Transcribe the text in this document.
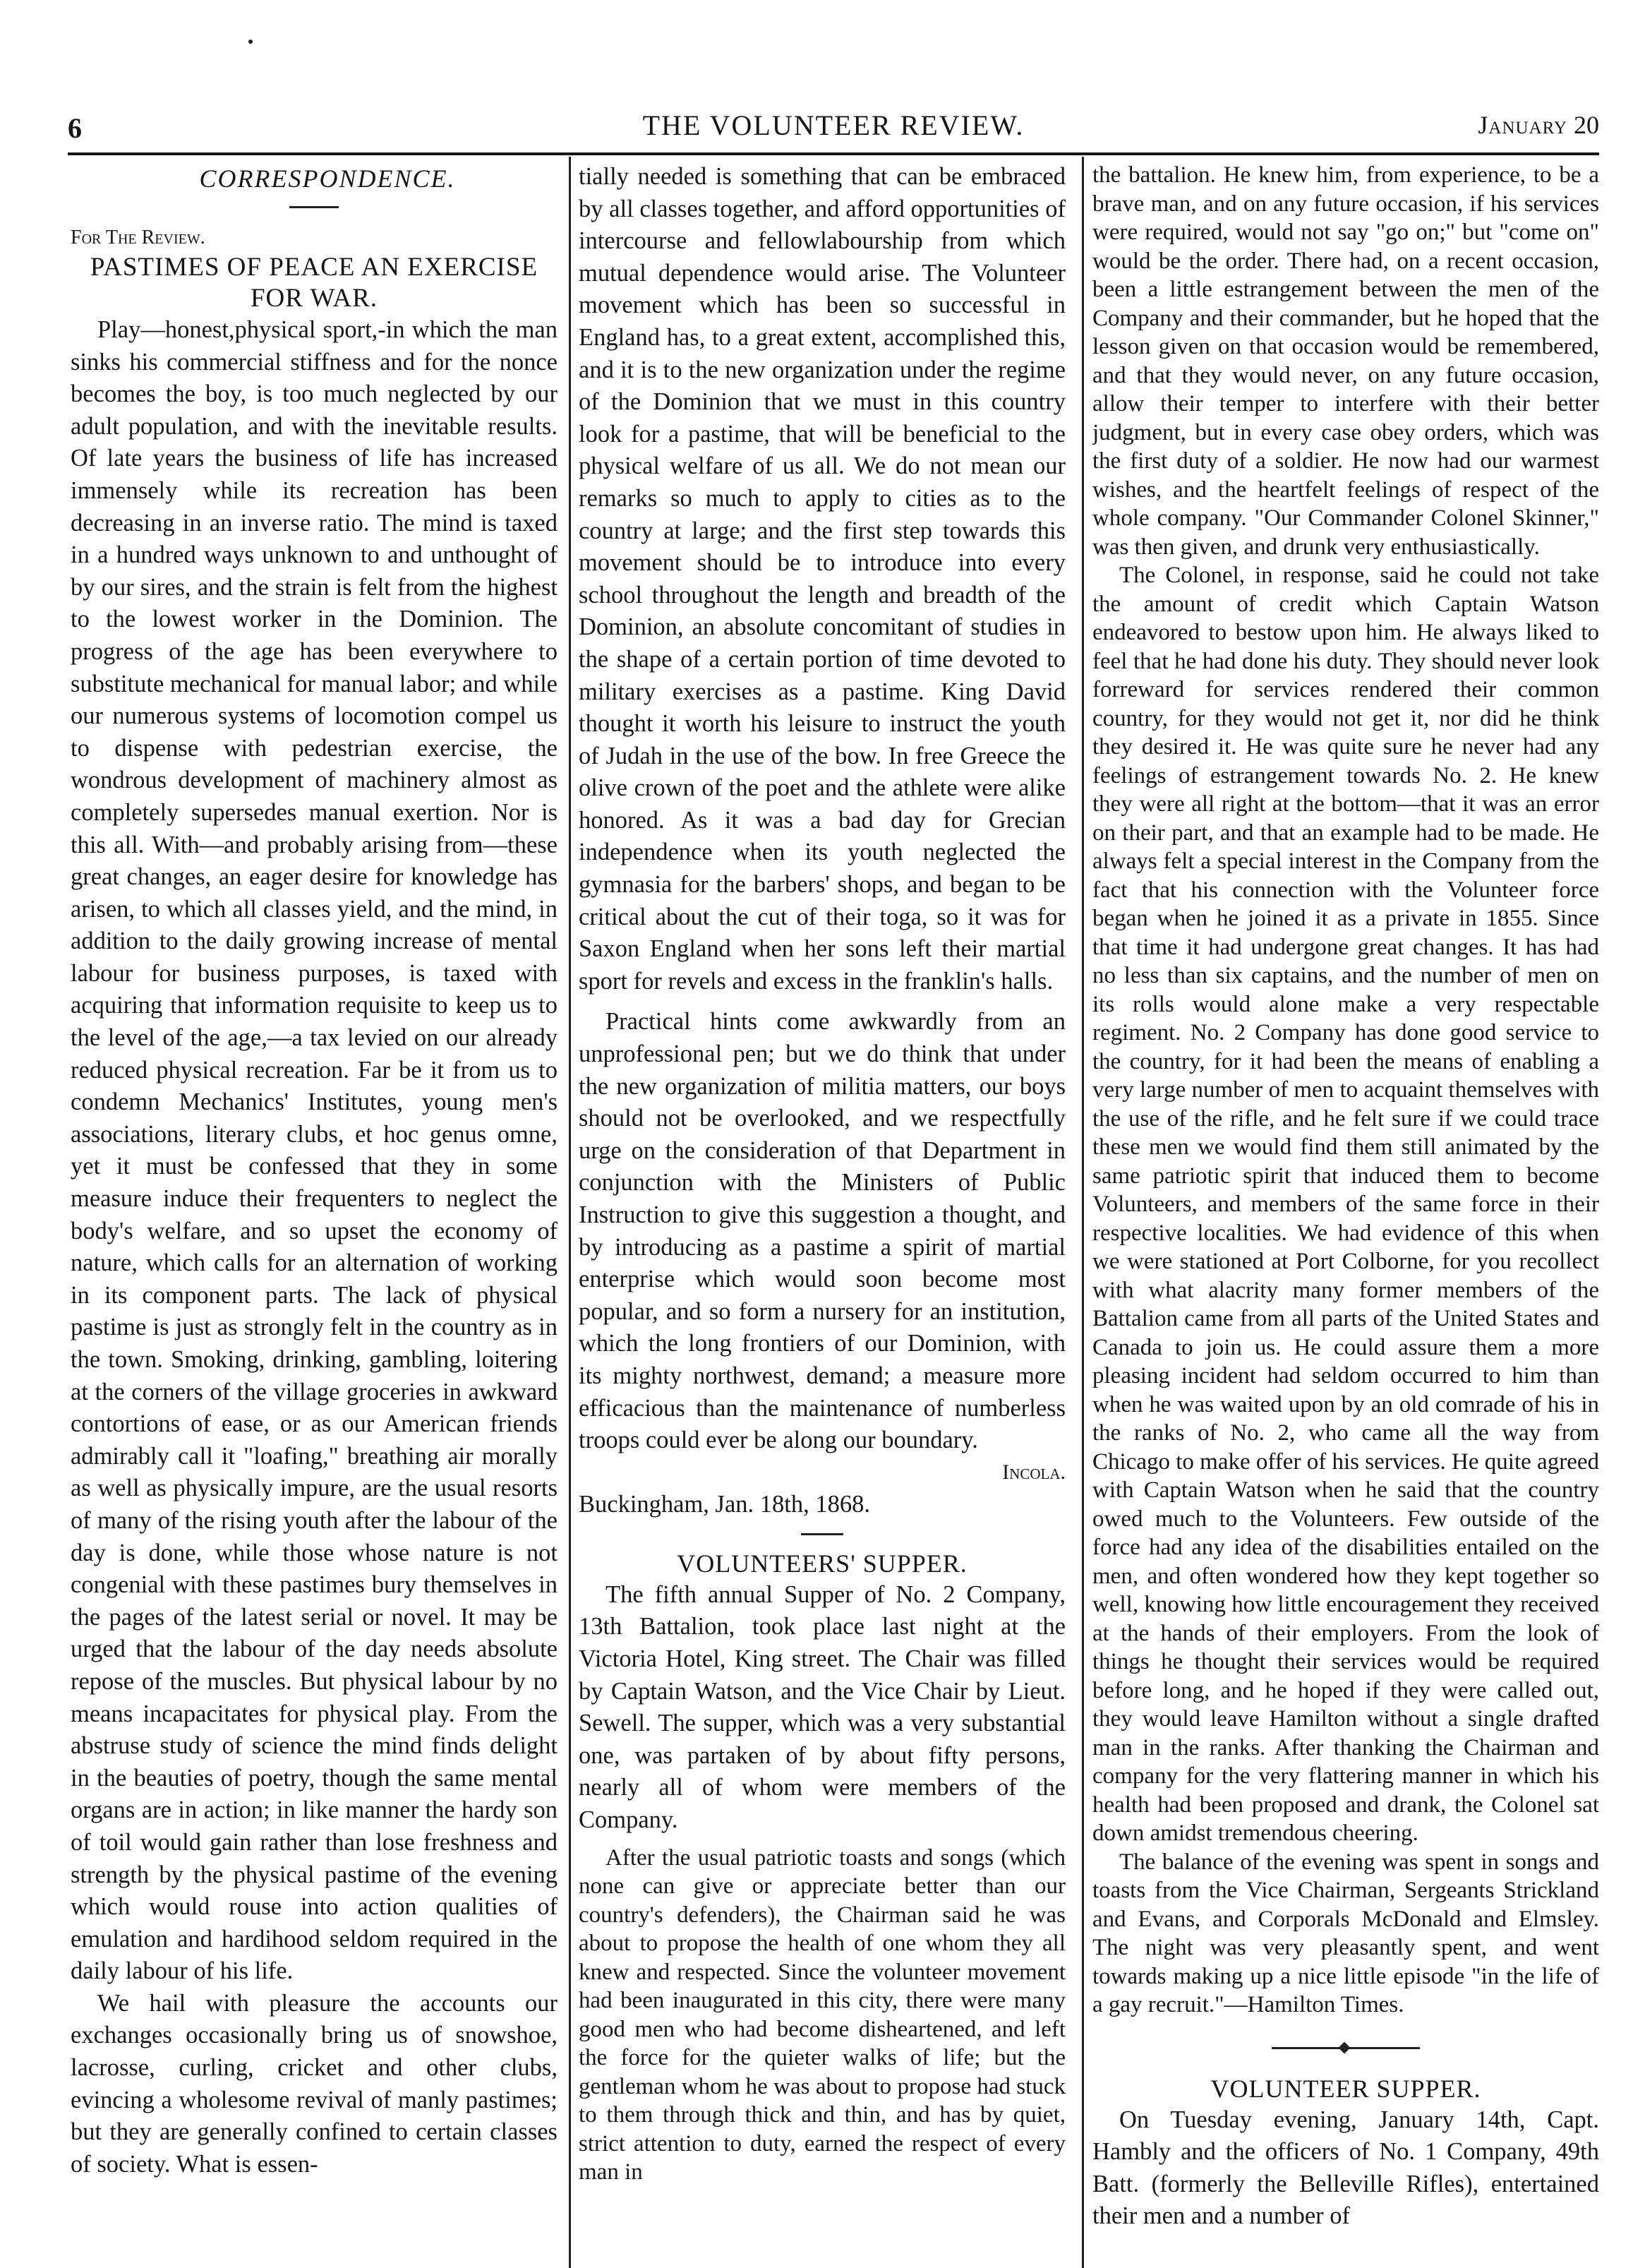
6	THE VOLUNTEER REVIEW.	January 20

CORRESPONDENCE.

For The Review.

PASTIMES OF PEACE AN EXERCISE FOR WAR.

Play—honest,physical sport,-in which the man sinks his commercial stiffness and for the nonce becomes the boy, is too much neglected by our adult population, and with the inevitable results. Of late years the business of life has increased immensely while its recreation has been decreasing in an inverse ratio. The mind is taxed in a hundred ways unknown to and unthought of by our sires, and the strain is felt from the highest to the lowest worker in the Dominion. The progress of the age has been everywhere to substitute mechanical for manual labor; and while our numerous systems of locomotion compel us to dispense with pedestrian exercise, the wondrous development of machinery almost as completely supersedes manual exertion. Nor is this all. With—and probably arising from—these great changes, an eager desire for knowledge has arisen, to which all classes yield, and the mind, in addition to the daily growing increase of mental labour for business purposes, is taxed with acquiring that information requisite to keep us to the level of the age,—a tax levied on our already reduced physical recreation. Far be it from us to condemn Mechanics' Institutes, young men's associations, literary clubs, et hoc genus omne, yet it must be confessed that they in some measure induce their frequenters to neglect the body's welfare, and so upset the economy of nature, which calls for an alternation of working in its component parts. The lack of physical pastime is just as strongly felt in the country as in the town. Smoking, drinking, gambling, loitering at the corners of the village groceries in awkward contortions of ease, or as our American friends admirably call it "loafing," breathing air morally as well as physically impure, are the usual resorts of many of the rising youth after the labour of the day is done, while those whose nature is not congenial with these pastimes bury themselves in the pages of the latest serial or novel. It may be urged that the labour of the day needs absolute repose of the muscles. But physical labour by no means incapacitates for physical play. From the abstruse study of science the mind finds delight in the beauties of poetry, though the same mental organs are in action; in like manner the hardy son of toil would gain rather than lose freshness and strength by the physical pastime of the evening which would rouse into action qualities of emulation and hardihood seldom required in the daily labour of his life.

We hail with pleasure the accounts our exchanges occasionally bring us of snowshoe, lacrosse, curling, cricket and other clubs, evincing a wholesome revival of manly pastimes; but they are generally confined to certain classes of society. What is essen-

tially needed is something that can be embraced by all classes together, and afford opportunities of intercourse and fellowlabourship from which mutual dependence would arise. The Volunteer movement which has been so successful in England has, to a great extent, accomplished this, and it is to the new organization under the regime of the Dominion that we must in this country look for a pastime, that will be beneficial to the physical welfare of us all. We do not mean our remarks so much to apply to cities as to the country at large; and the first step towards this movement should be to introduce into every school throughout the length and breadth of the Dominion, an absolute concomitant of studies in the shape of a certain portion of time devoted to military exercises as a pastime. King David thought it worth his leisure to instruct the youth of Judah in the use of the bow. In free Greece the olive crown of the poet and the athlete were alike honored. As it was a bad day for Grecian independence when its youth neglected the gymnasia for the barbers' shops, and began to be critical about the cut of their toga, so it was for Saxon England when her sons left their martial sport for revels and excess in the franklin's halls.

Practical hints come awkwardly from an unprofessional pen; but we do think that under the new organization of militia matters, our boys should not be overlooked, and we respectfully urge on the consideration of that Department in conjunction with the Ministers of Public Instruction to give this suggestion a thought, and by introducing as a pastime a spirit of martial enterprise which would soon become most popular, and so form a nursery for an institution, which the long frontiers of our Dominion, with its mighty northwest, demand; a measure more efficacious than the maintenance of numberless troops could ever be along our boundary.

Incola.

Buckingham, Jan. 18th, 1868.

VOLUNTEERS' SUPPER.

The fifth annual Supper of No. 2 Company, 13th Battalion, took place last night at the Victoria Hotel, King street. The Chair was filled by Captain Watson, and the Vice Chair by Lieut. Sewell. The supper, which was a very substantial one, was partaken of by about fifty persons, nearly all of whom were members of the Company.

After the usual patriotic toasts and songs (which none can give or appreciate better than our country's defenders), the Chairman said he was about to propose the health of one whom they all knew and respected. Since the volunteer movement had been inaugurated in this city, there were many good men who had become disheartened, and left the force for the quieter walks of life; but the gentleman whom he was about to propose had stuck to them through thick and thin, and has by quiet, strict attention to duty, earned the respect of every man in

the battalion. He knew him, from experience, to be a brave man, and on any future occasion, if his services were required, would not say "go on;" but "come on" would be the order. There had, on a recent occasion, been a little estrangement between the men of the Company and their commander, but he hoped that the lesson given on that occasion would be remembered, and that they would never, on any future occasion, allow their temper to interfere with their better judgment, but in every case obey orders, which was the first duty of a soldier. He now had our warmest wishes, and the heartfelt feelings of respect of the whole company. "Our Commander Colonel Skinner," was then given, and drunk very enthusiastically.

The Colonel, in response, said he could not take the amount of credit which Captain Watson endeavored to bestow upon him. He always liked to feel that he had done his duty. They should never look forreward for services rendered their common country, for they would not get it, nor did he think they desired it. He was quite sure he never had any feelings of estrangement towards No. 2. He knew they were all right at the bottom—that it was an error on their part, and that an example had to be made. He always felt a special interest in the Company from the fact that his connection with the Volunteer force began when he joined it as a private in 1855. Since that time it had undergone great changes. It has had no less than six captains, and the number of men on its rolls would alone make a very respectable regiment. No. 2 Company has done good service to the country, for it had been the means of enabling a very large number of men to acquaint themselves with the use of the rifle, and he felt sure if we could trace these men we would find them still animated by the same patriotic spirit that induced them to become Volunteers, and members of the same force in their respective localities. We had evidence of this when we were stationed at Port Colborne, for you recollect with what alacrity many former members of the Battalion came from all parts of the United States and Canada to join us. He could assure them a more pleasing incident had seldom occurred to him than when he was waited upon by an old comrade of his in the ranks of No. 2, who came all the way from Chicago to make offer of his services. He quite agreed with Captain Watson when he said that the country owed much to the Volunteers. Few outside of the force had any idea of the disabilities entailed on the men, and often wondered how they kept together so well, knowing how little encouragement they received at the hands of their employers. From the look of things he thought their services would be required before long, and he hoped if they were called out, they would leave Hamilton without a single drafted man in the ranks. After thanking the Chairman and company for the very flattering manner in which his health had been proposed and drank, the Colonel sat down amidst tremendous cheering.

The balance of the evening was spent in songs and toasts from the Vice Chairman, Sergeants Strickland and Evans, and Corporals McDonald and Elmsley. The night was very pleasantly spent, and went towards making up a nice little episode "in the life of a gay recruit."—Hamilton Times.

VOLUNTEER SUPPER.

On Tuesday evening, January 14th, Capt. Hambly and the officers of No. 1 Company, 49th Batt. (formerly the Belleville Rifles), entertained their men and a number of
